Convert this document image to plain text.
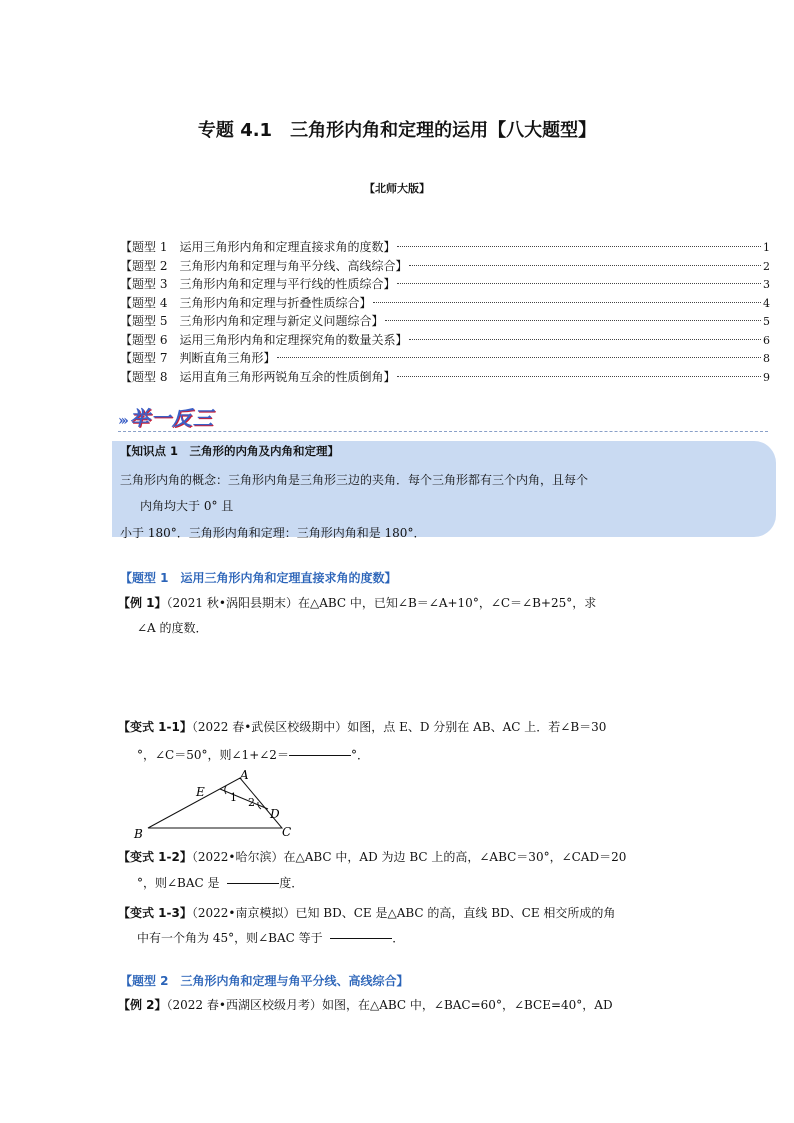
专题 4.1　三角形内角和定理的运用【八大题型】
【北师大版】
【题型 1　运用三角形内角和定理直接求角的度数】	1
【题型 2　三角形内角和定理与角平分线、高线综合】	2
【题型 3　三角形内角和定理与平行线的性质综合】	3
【题型 4　三角形内角和定理与折叠性质综合】	4
【题型 5　三角形内角和定理与新定义问题综合】	5
【题型 6　运用三角形内角和定理探究角的数量关系】	6
【题型 7　判断直角三角形】	8
【题型 8　运用直角三角形两锐角互余的性质倒角】	9
››› 举一反三
【知识点 1　三角形的内角及内角和定理】
三角形内角的概念：三角形内角是三角形三边的夹角．每个三角形都有三个内角，且每个
内角均大于 0° 且
小于 180°．三角形内角和定理：三角形内角和是 180°．
【题型 1　运用三角形内角和定理直接求角的度数】
【例 1】（2021 秋•涡阳县期末）在△ABC 中，已知∠B＝∠A+10°，∠C＝∠B+25°，求
∠A 的度数．
【变式 1-1】（2022 春•武侯区校级期中）如图，点 E、D 分别在 AB、AC 上．若∠B＝30
°，∠C＝50°，则∠1+∠2＝	°．
A
B	C
D
E 1 2
【变式 1-2】（2022•哈尔滨）在△ABC 中，AD 为边 BC 上的高，∠ABC＝30°，∠CAD＝20
°，则∠BAC 是	度．
【变式 1-3】（2022•南京模拟）已知 BD、CE 是△ABC 的高，直线 BD、CE 相交所成的角
中有一个角为 45°，则∠BAC 等于	．
【题型 2　三角形内角和定理与角平分线、高线综合】
【例 2】（2022 春•西湖区校级月考）如图，在△ABC 中，∠BAC=60°，∠BCE=40°，AD
